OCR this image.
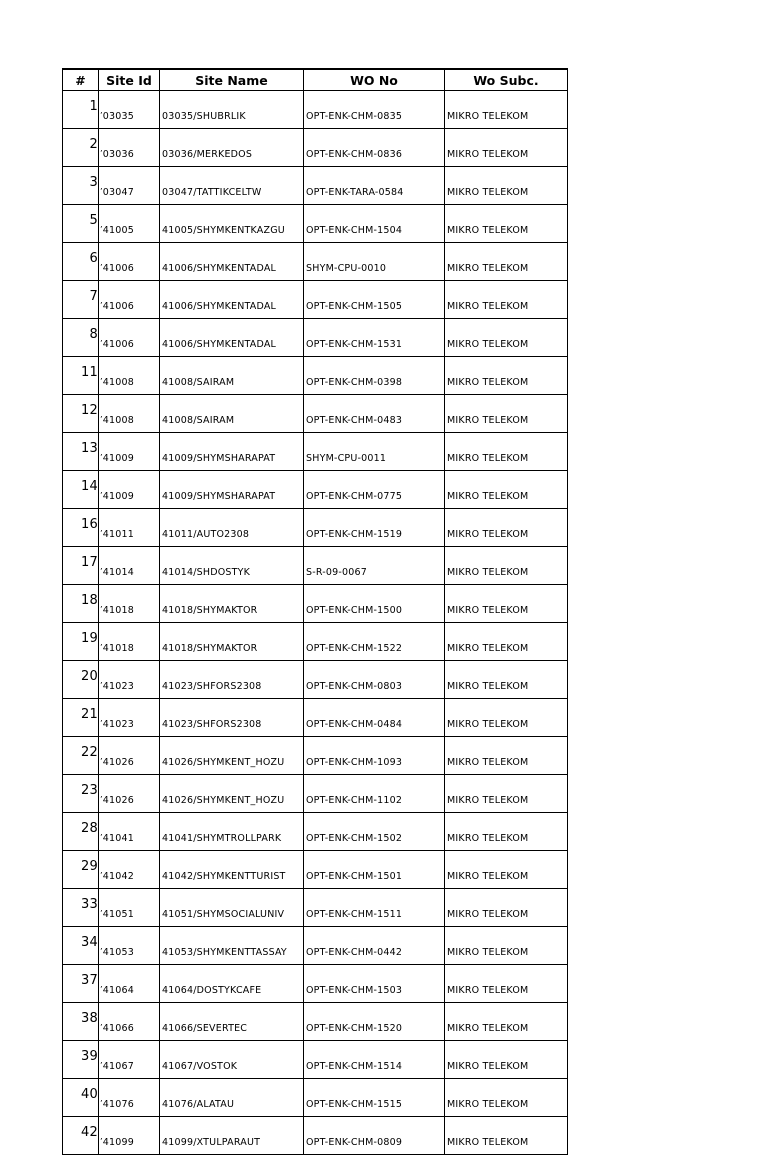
#	Site Id	Site Name	WO No	Wo Subc.
1	’03035	03035/SHUBRLIK	OPT-ENK-CHM-0835	MIKRO TELEKOM
2	’03036	03036/MERKEDOS	OPT-ENK-CHM-0836	MIKRO TELEKOM
3	’03047	03047/TATTIKCELTW	OPT-ENK-TARA-0584	MIKRO TELEKOM
5	’41005	41005/SHYMKENTKAZGU	OPT-ENK-CHM-1504	MIKRO TELEKOM
6	’41006	41006/SHYMKENTADAL	SHYM-CPU-0010	MIKRO TELEKOM
7	’41006	41006/SHYMKENTADAL	OPT-ENK-CHM-1505	MIKRO TELEKOM
8	’41006	41006/SHYMKENTADAL	OPT-ENK-CHM-1531	MIKRO TELEKOM
11	’41008	41008/SAIRAM	OPT-ENK-CHM-0398	MIKRO TELEKOM
12	’41008	41008/SAIRAM	OPT-ENK-CHM-0483	MIKRO TELEKOM
13	’41009	41009/SHYMSHARAPAT	SHYM-CPU-0011	MIKRO TELEKOM
14	’41009	41009/SHYMSHARAPAT	OPT-ENK-CHM-0775	MIKRO TELEKOM
16	’41011	41011/AUTO2308	OPT-ENK-CHM-1519	MIKRO TELEKOM
17	’41014	41014/SHDOSTYK	S-R-09-0067	MIKRO TELEKOM
18	’41018	41018/SHYMAKTOR	OPT-ENK-CHM-1500	MIKRO TELEKOM
19	’41018	41018/SHYMAKTOR	OPT-ENK-CHM-1522	MIKRO TELEKOM
20	’41023	41023/SHFORS2308	OPT-ENK-CHM-0803	MIKRO TELEKOM
21	’41023	41023/SHFORS2308	OPT-ENK-CHM-0484	MIKRO TELEKOM
22	’41026	41026/SHYMKENT_HOZU	OPT-ENK-CHM-1093	MIKRO TELEKOM
23	’41026	41026/SHYMKENT_HOZU	OPT-ENK-CHM-1102	MIKRO TELEKOM
28	’41041	41041/SHYMTROLLPARK	OPT-ENK-CHM-1502	MIKRO TELEKOM
29	’41042	41042/SHYMKENTTURIST	OPT-ENK-CHM-1501	MIKRO TELEKOM
33	’41051	41051/SHYMSOCIALUNIV	OPT-ENK-CHM-1511	MIKRO TELEKOM
34	’41053	41053/SHYMKENTTASSAY	OPT-ENK-CHM-0442	MIKRO TELEKOM
37	’41064	41064/DOSTYKCAFE	OPT-ENK-CHM-1503	MIKRO TELEKOM
38	’41066	41066/SEVERTEC	OPT-ENK-CHM-1520	MIKRO TELEKOM
39	’41067	41067/VOSTOK	OPT-ENK-CHM-1514	MIKRO TELEKOM
40	’41076	41076/ALATAU	OPT-ENK-CHM-1515	MIKRO TELEKOM
42	’41099	41099/XTULPARAUT	OPT-ENK-CHM-0809	MIKRO TELEKOM
